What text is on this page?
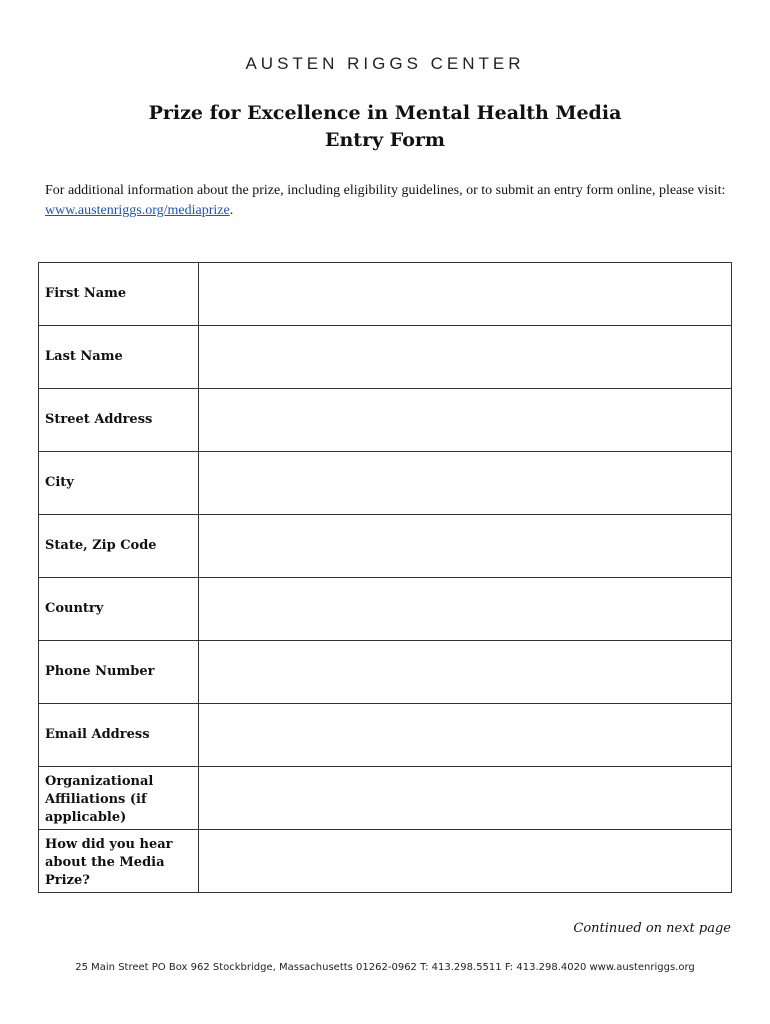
AUSTEN RIGGS CENTER
Prize for Excellence in Mental Health Media
Entry Form
For additional information about the prize, including eligibility guidelines, or to submit an entry form online, please visit: www.austenriggs.org/mediaprize.
First Name	
Last Name	
Street Address	
City	
State, Zip Code	
Country	
Phone Number	
Email Address	
Organizational Affiliations (if applicable)	
How did you hear about the Media Prize?	
Continued on next page
25 Main Street PO Box 962 Stockbridge, Massachusetts 01262-0962 T: 413.298.5511 F: 413.298.4020 www.austenriggs.org
